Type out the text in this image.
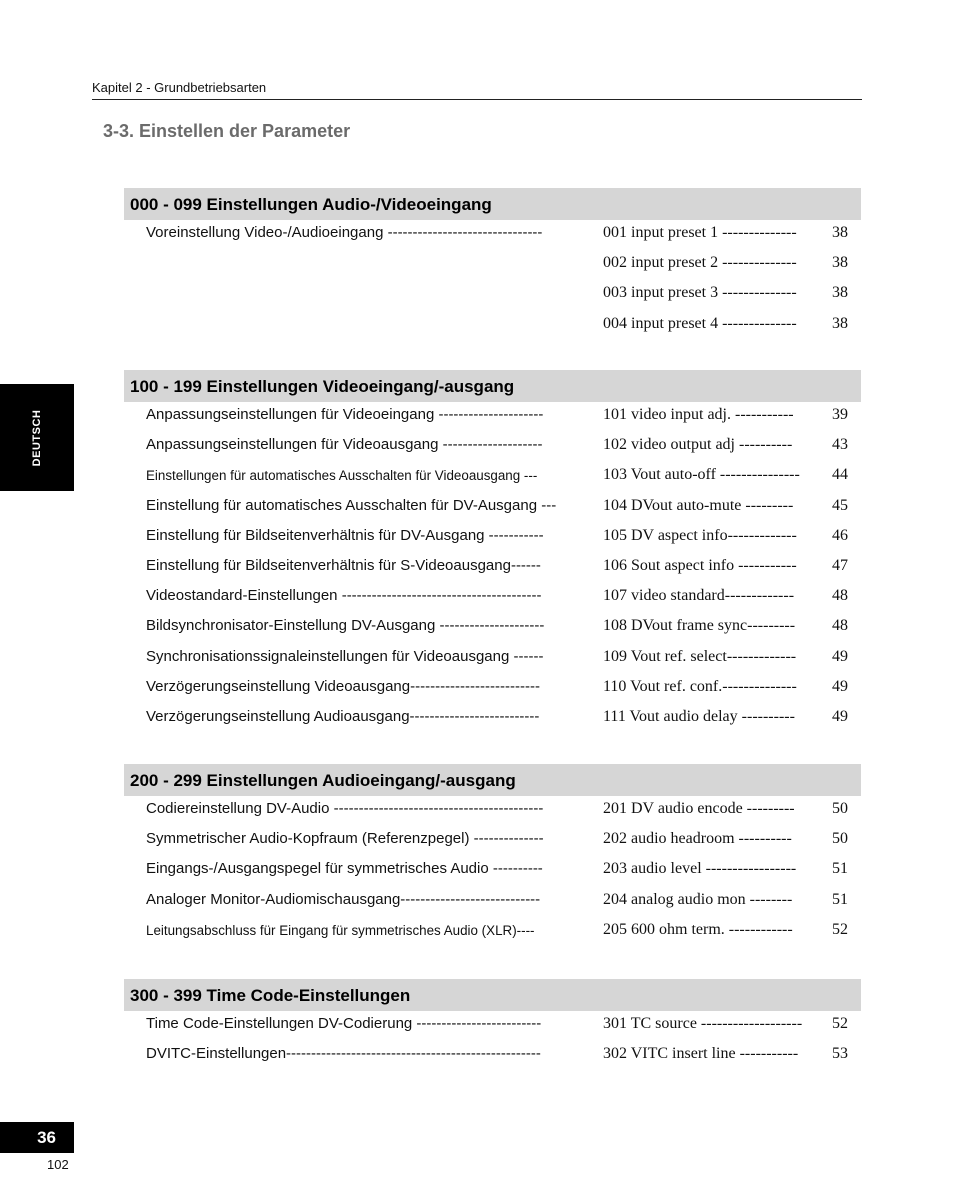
Kapitel 2 - Grundbetriebsarten
3-3. Einstellen der Parameter
DEUTSCH
000 - 099 Einstellungen Audio-/Videoeingang
Voreinstellung Video-/Audioeingang -------------------------------	001 input preset 1 --------------	38
002 input preset 2 --------------	38
003 input preset 3 --------------	38
004 input preset 4 --------------	38
100 - 199 Einstellungen Videoeingang/-ausgang
Anpassungseinstellungen für Videoeingang ---------------------	101 video input adj. -----------	39
Anpassungseinstellungen für Videoausgang --------------------	102 video output adj ----------	43
Einstellungen für automatisches Ausschalten für Videoausgang ---	103 Vout auto-off ---------------	44
Einstellung für automatisches Ausschalten für DV-Ausgang ---	104 DVout auto-mute ---------	45
Einstellung für Bildseitenverhältnis für DV-Ausgang -----------	105 DV aspect info-------------	46
Einstellung für Bildseitenverhältnis für S-Videoausgang------	106 Sout aspect info -----------	47
Videostandard-Einstellungen ----------------------------------------	107 video standard-------------	48
Bildsynchronisator-Einstellung DV-Ausgang ---------------------	108 DVout frame sync---------	48
Synchronisationssignaleinstellungen für Videoausgang ------	109 Vout ref. select-------------	49
Verzögerungseinstellung Videoausgang--------------------------	110 Vout ref. conf.--------------	49
Verzögerungseinstellung Audioausgang--------------------------	111 Vout audio delay ----------	49
200 - 299 Einstellungen Audioeingang/-ausgang
Codiereinstellung DV-Audio ------------------------------------------	201 DV audio encode ---------	50
Symmetrischer Audio-Kopfraum (Referenzpegel) --------------	202 audio headroom ----------	50
Eingangs-/Ausgangspegel für symmetrisches Audio ----------	203 audio level -----------------	51
Analoger Monitor-Audiomischausgang----------------------------	204 analog audio mon --------	51
Leitungsabschluss für Eingang für symmetrisches Audio (XLR)----	205 600 ohm term. ------------	52
300 - 399 Time Code-Einstellungen
Time Code-Einstellungen DV-Codierung -------------------------	301 TC source -------------------	52
DVITC-Einstellungen---------------------------------------------------	302 VITC insert line -----------	53
36
102
